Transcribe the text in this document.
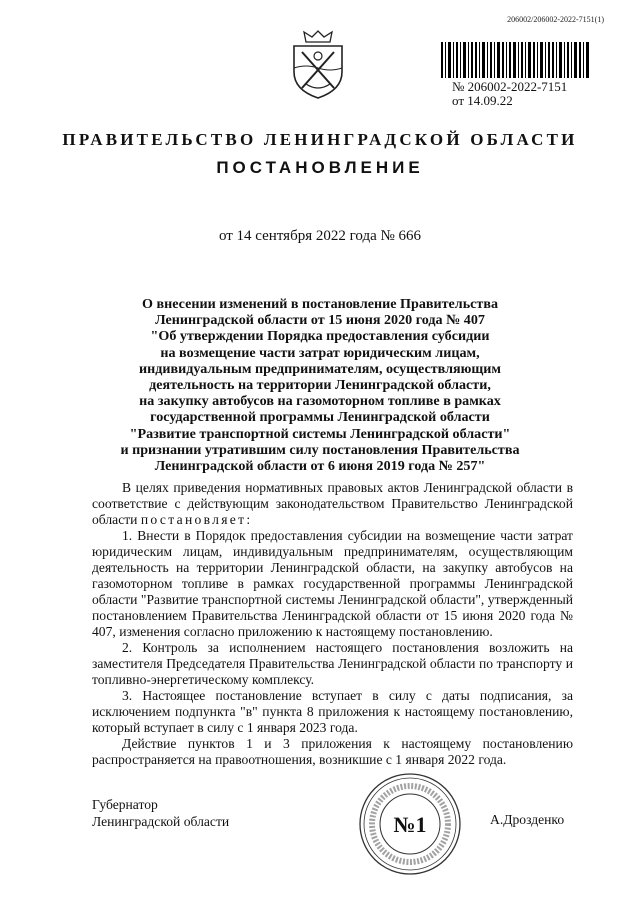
206002/206002-2022-7151(1)
№ 206002-2022-7151
от 14.09.22
ПРАВИТЕЛЬСТВО ЛЕНИНГРАДСКОЙ ОБЛАСТИ
ПОСТАНОВЛЕНИЕ
от 14 сентября 2022 года № 666
О внесении изменений в постановление Правительства
Ленинградской области от 15 июня 2020 года № 407
"Об утверждении Порядка предоставления субсидии
на возмещение части затрат юридическим лицам,
индивидуальным предпринимателям, осуществляющим
деятельность на территории Ленинградской области,
на закупку автобусов на газомоторном топливе в рамках
государственной программы Ленинградской области
"Развитие транспортной системы Ленинградской области"
и признании утратившим силу постановления Правительства
Ленинградской области от 6 июня 2019 года № 257"

В целях приведения нормативных правовых актов Ленинградской области в соответствие с действующим законодательством Правительство Ленинградской области постановляет:

1. Внести в Порядок предоставления субсидии на возмещение части затрат юридическим лицам, индивидуальным предпринимателям, осуществляющим деятельность на территории Ленинградской области, на закупку автобусов на газомоторном топливе в рамках государственной программы Ленинградской области "Развитие транспортной системы Ленинградской области", утвержденный постановлением Правительства Ленинградской области от 15 июня 2020 года № 407, изменения согласно приложению к настоящему постановлению.

2. Контроль за исполнением настоящего постановления возложить на заместителя Председателя Правительства Ленинградской области по транспорту и топливно-энергетическому комплексу.

3. Настоящее постановление вступает в силу с даты подписания, за исключением подпункта "в" пункта 8 приложения к настоящему постановлению, который вступает в силу с 1 января 2023 года.

Действие пунктов 1 и 3 приложения к настоящему постановлению распространяется на правоотношения, возникшие с 1 января 2022 года.

Губернатор
Ленинградской области	№1	А.Дрозденко
